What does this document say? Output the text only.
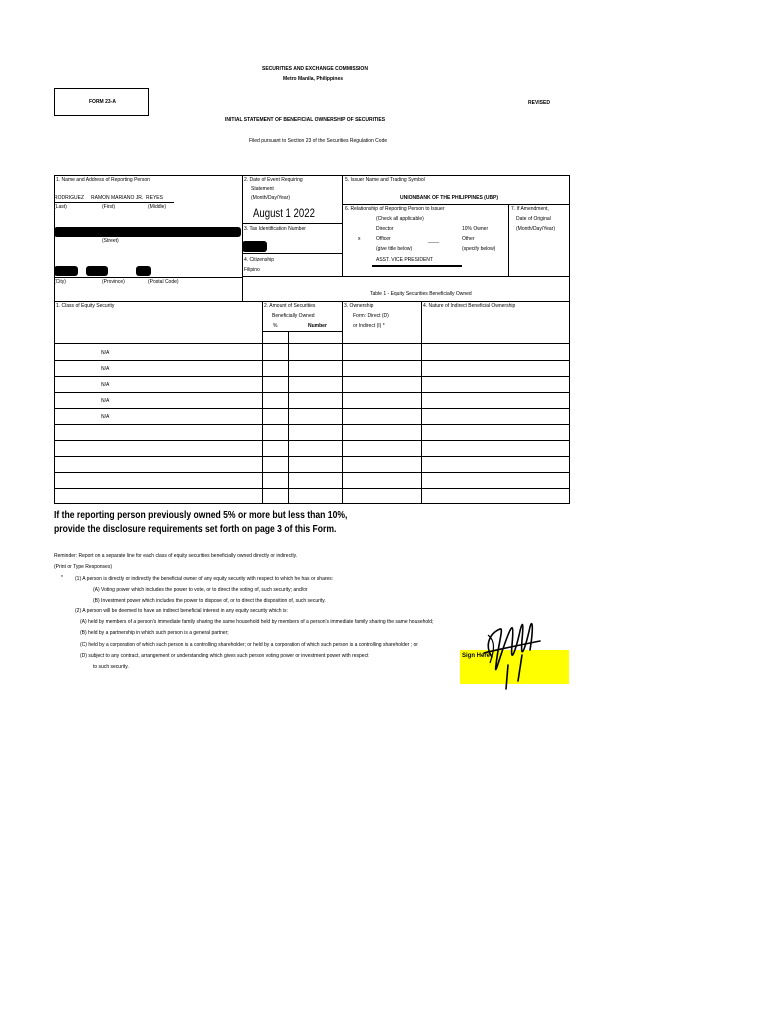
SECURITIES AND EXCHANGE COMMISSION
Metro Manila, Philippines
FORM 23-A	REVISED
INITIAL STATEMENT OF BENEFICIAL OWNERSHIP OF SECURITIES
Filed pursuant to Section 23 of the Securities Regulation Code
1. Name and Address of Reporting Person
RODRIGUEZ RAMON MARIANO JR. REYES
(Last)	(First)	(Middle)
(Street)
(City)	(Province)	(Postal Code)
2. Date of Event Requiring
Statement
(Month/Day/Year)
August 1 2022
3. Tax Identification Number
4. Citizenship
Filipino
5. Issuer Name and Trading Symbol
UNIONBANK OF THE PHILIPPINES (UBP)
6. Relationship of Reporting Person to Issuer
(Check all applicable)
Director	10% Owner
x	Officer	Other
____
(give title below)	(specify below)
ASST. VICE PRESIDENT
7. If Amendment,
Date of Original
(Month/Day/Year)
Table 1 - Equity Securities Beneficially Owned
1. Class of Equity Security	2. Amount of Securities
Beneficially Owned
%	Number
3. Ownership
Form: Direct (D)
or Indirect (I) *
4. Nature of Indirect Beneficial Ownership
N/A
N/A
N/A
N/A
N/A
If the reporting person previously owned 5% or more but less than 10%,
provide the disclosure requirements set forth on page 3 of this Form.
Reminder: Report on a separate line for each class of equity securities beneficially owned directly or indirectly.
(Print or Type Responses)
* (1) A person is directly or indirectly the beneficial owner of any equity security with respect to which he has or shares:
(A) Voting power which includes the power to vote, or to direct the voting of, such security; and/or
(B) Investment power which includes the power to dispose of, or to direct the disposition of, such security.
(2) A person will be deemed to have an indirect beneficial interest in any equity security which is:
(A) held by members of a person's immediate family sharing the same household held by members of a person's immediate family sharing the same household;
(B) held by a partnership in which such person is a general partner;
(C) held by a corporation of which such person is a controlling shareholder; or held by a corporation of which such person is a controlling shareholder ; or
(D) subject to any contract, arrangement or understanding which gives such person voting power or investment power with respect
to such security.
Sign Here
